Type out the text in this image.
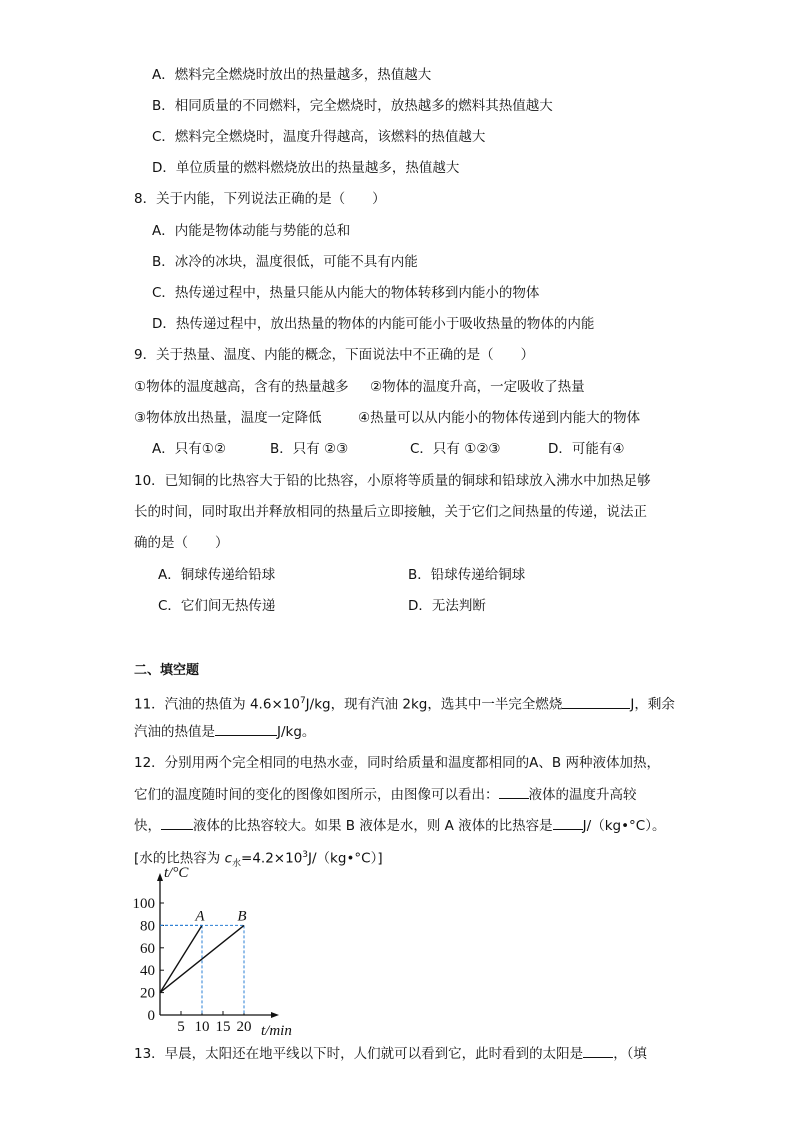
A．燃料完全燃烧时放出的热量越多，热值越大
B．相同质量的不同燃料，完全燃烧时，放热越多的燃料其热值越大
C．燃料完全燃烧时，温度升得越高，该燃料的热值越大
D．单位质量的燃料燃烧放出的热量越多，热值越大
8．关于内能，下列说法正确的是（　　）
A．内能是物体动能与势能的总和
B．冰冷的冰块，温度很低，可能不具有内能
C．热传递过程中，热量只能从内能大的物体转移到内能小的物体
D．热传递过程中，放出热量的物体的内能可能小于吸收热量的物体的内能
9．关于热量、温度、内能的概念，下面说法中不正确的是（　　）
①物体的温度越高，含有的热量越多 ②物体的温度升高，一定吸收了热量
③物体放出热量，温度一定降低	④热量可以从内能小的物体传递到内能大的物体
A．只有①②	B．只有 ②③	C．只有 ①②③	D．可能有④
10．已知铜的比热容大于铅的比热容，小原将等质量的铜球和铅球放入沸水中加热足够
长的时间，同时取出并释放相同的热量后立即接触，关于它们之间热量的传递，说法正
确的是（　　）
A．铜球传递给铅球	B．铅球传递给铜球
C．它们间无热传递	D．无法判断
二、填空题
11．汽油的热值为 $4.6\times 10^7J/kg$，现有汽油 2kg，选其中一半完全燃烧	J，剩余
汽油的热值是	J/kg。
12．分别用两个完全相同的电热水壶，同时给质量和温度都相同的A、B 两种液体加热，
它们的温度随时间的变化的图像如图所示，由图像可以看出： 液体的温度升高较
快， 液体的比热容较大。如果 B 液体是水，则 A 液体的比热容是 J/（kg•°C）。
[水的比热容为 $c_水=4.2\times 10^3J/(kg•^\circ C)$]
0
20
40
60
80
100
5 10 15 20
t/°C
t/min
A B
13．早晨，太阳还在地平线以下时，人们就可以看到它，此时看到的太阳是 ，（填
